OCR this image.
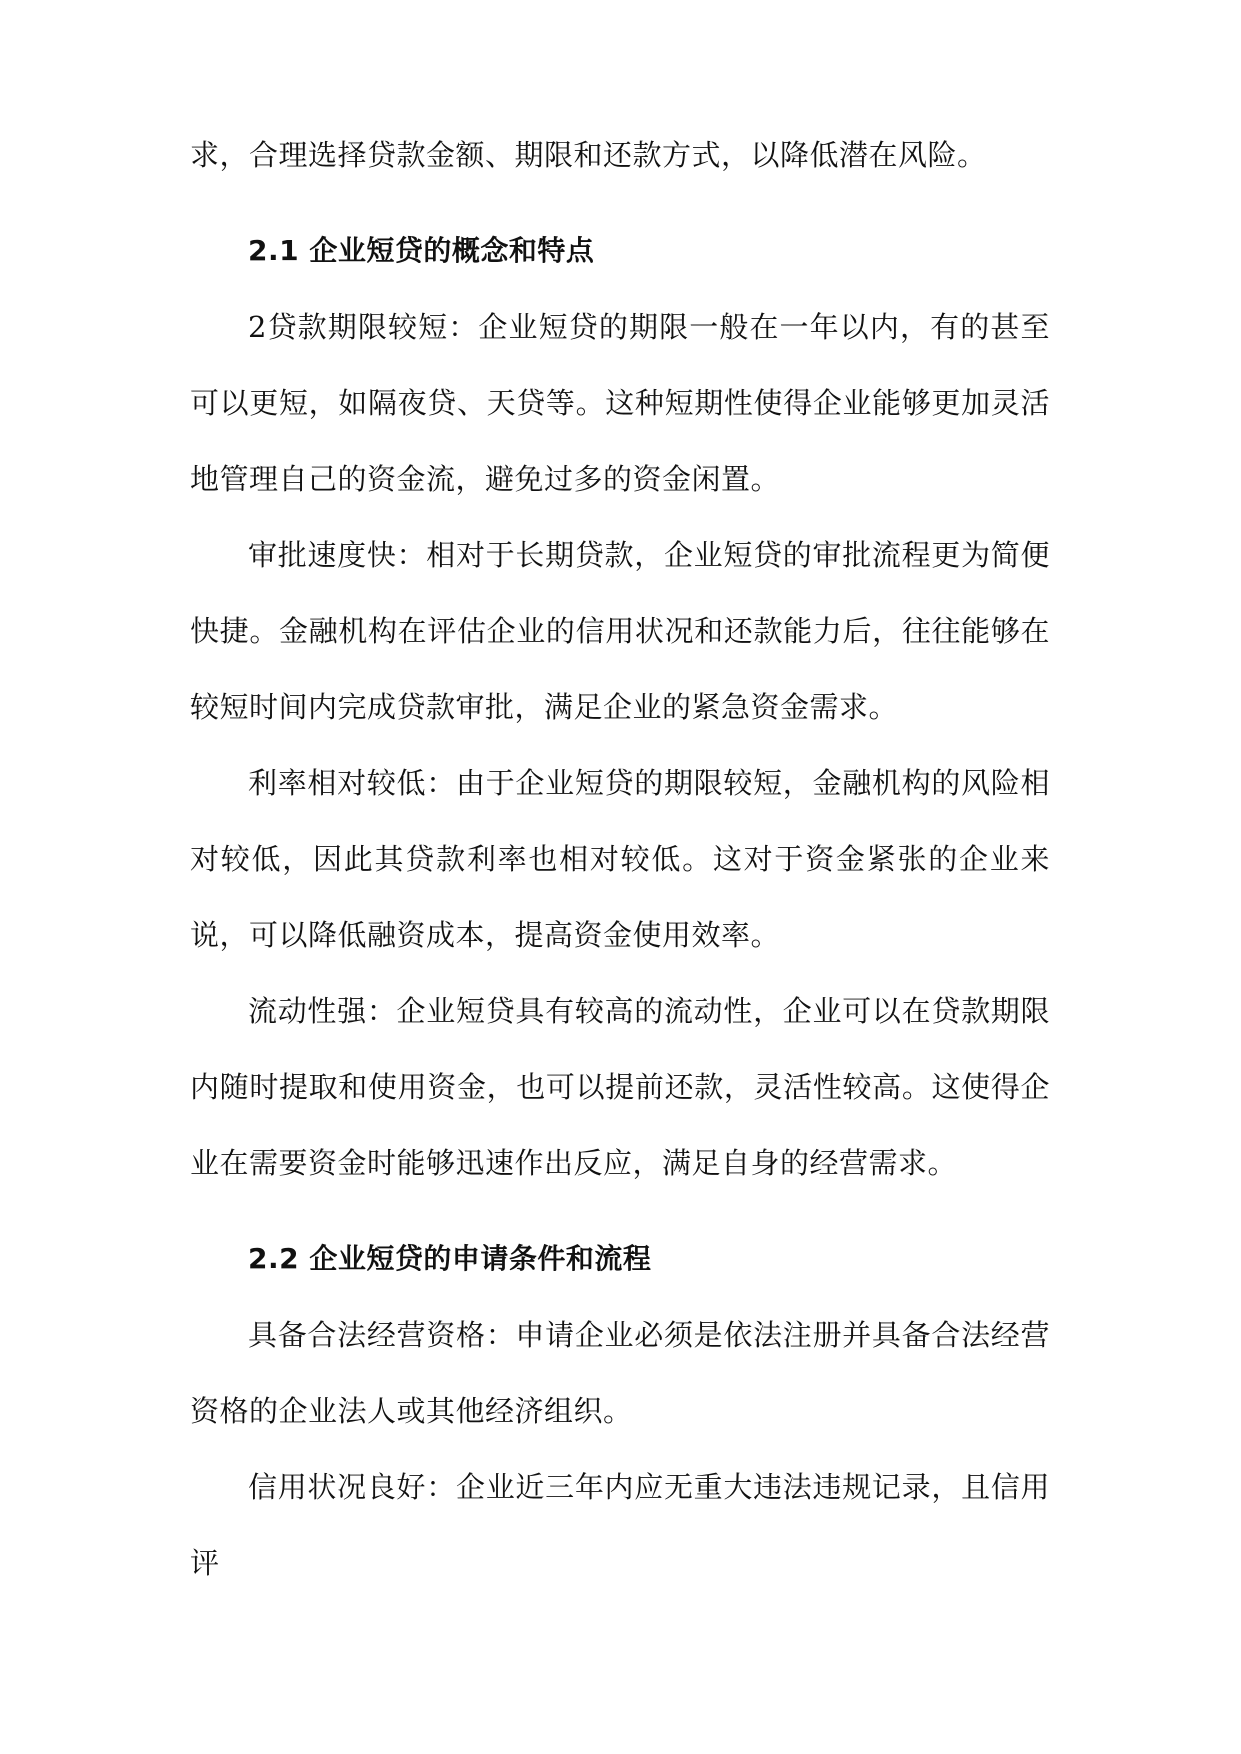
求，合理选择贷款金额、期限和还款方式，以降低潜在风险。

2.1 企业短贷的概念和特点

2贷款期限较短：企业短贷的期限一般在一年以内，有的甚至可以更短，如隔夜贷、天贷等。这种短期性使得企业能够更加灵活地管理自己的资金流，避免过多的资金闲置。

审批速度快：相对于长期贷款，企业短贷的审批流程更为简便快捷。金融机构在评估企业的信用状况和还款能力后，往往能够在较短时间内完成贷款审批，满足企业的紧急资金需求。

利率相对较低：由于企业短贷的期限较短，金融机构的风险相对较低，因此其贷款利率也相对较低。这对于资金紧张的企业来说，可以降低融资成本，提高资金使用效率。

流动性强：企业短贷具有较高的流动性，企业可以在贷款期限内随时提取和使用资金，也可以提前还款，灵活性较高。这使得企业在需要资金时能够迅速作出反应，满足自身的经营需求。

2.2 企业短贷的申请条件和流程

具备合法经营资格：申请企业必须是依法注册并具备合法经营资格的企业法人或其他经济组织。

信用状况良好：企业近三年内应无重大违法违规记录，且信用评
